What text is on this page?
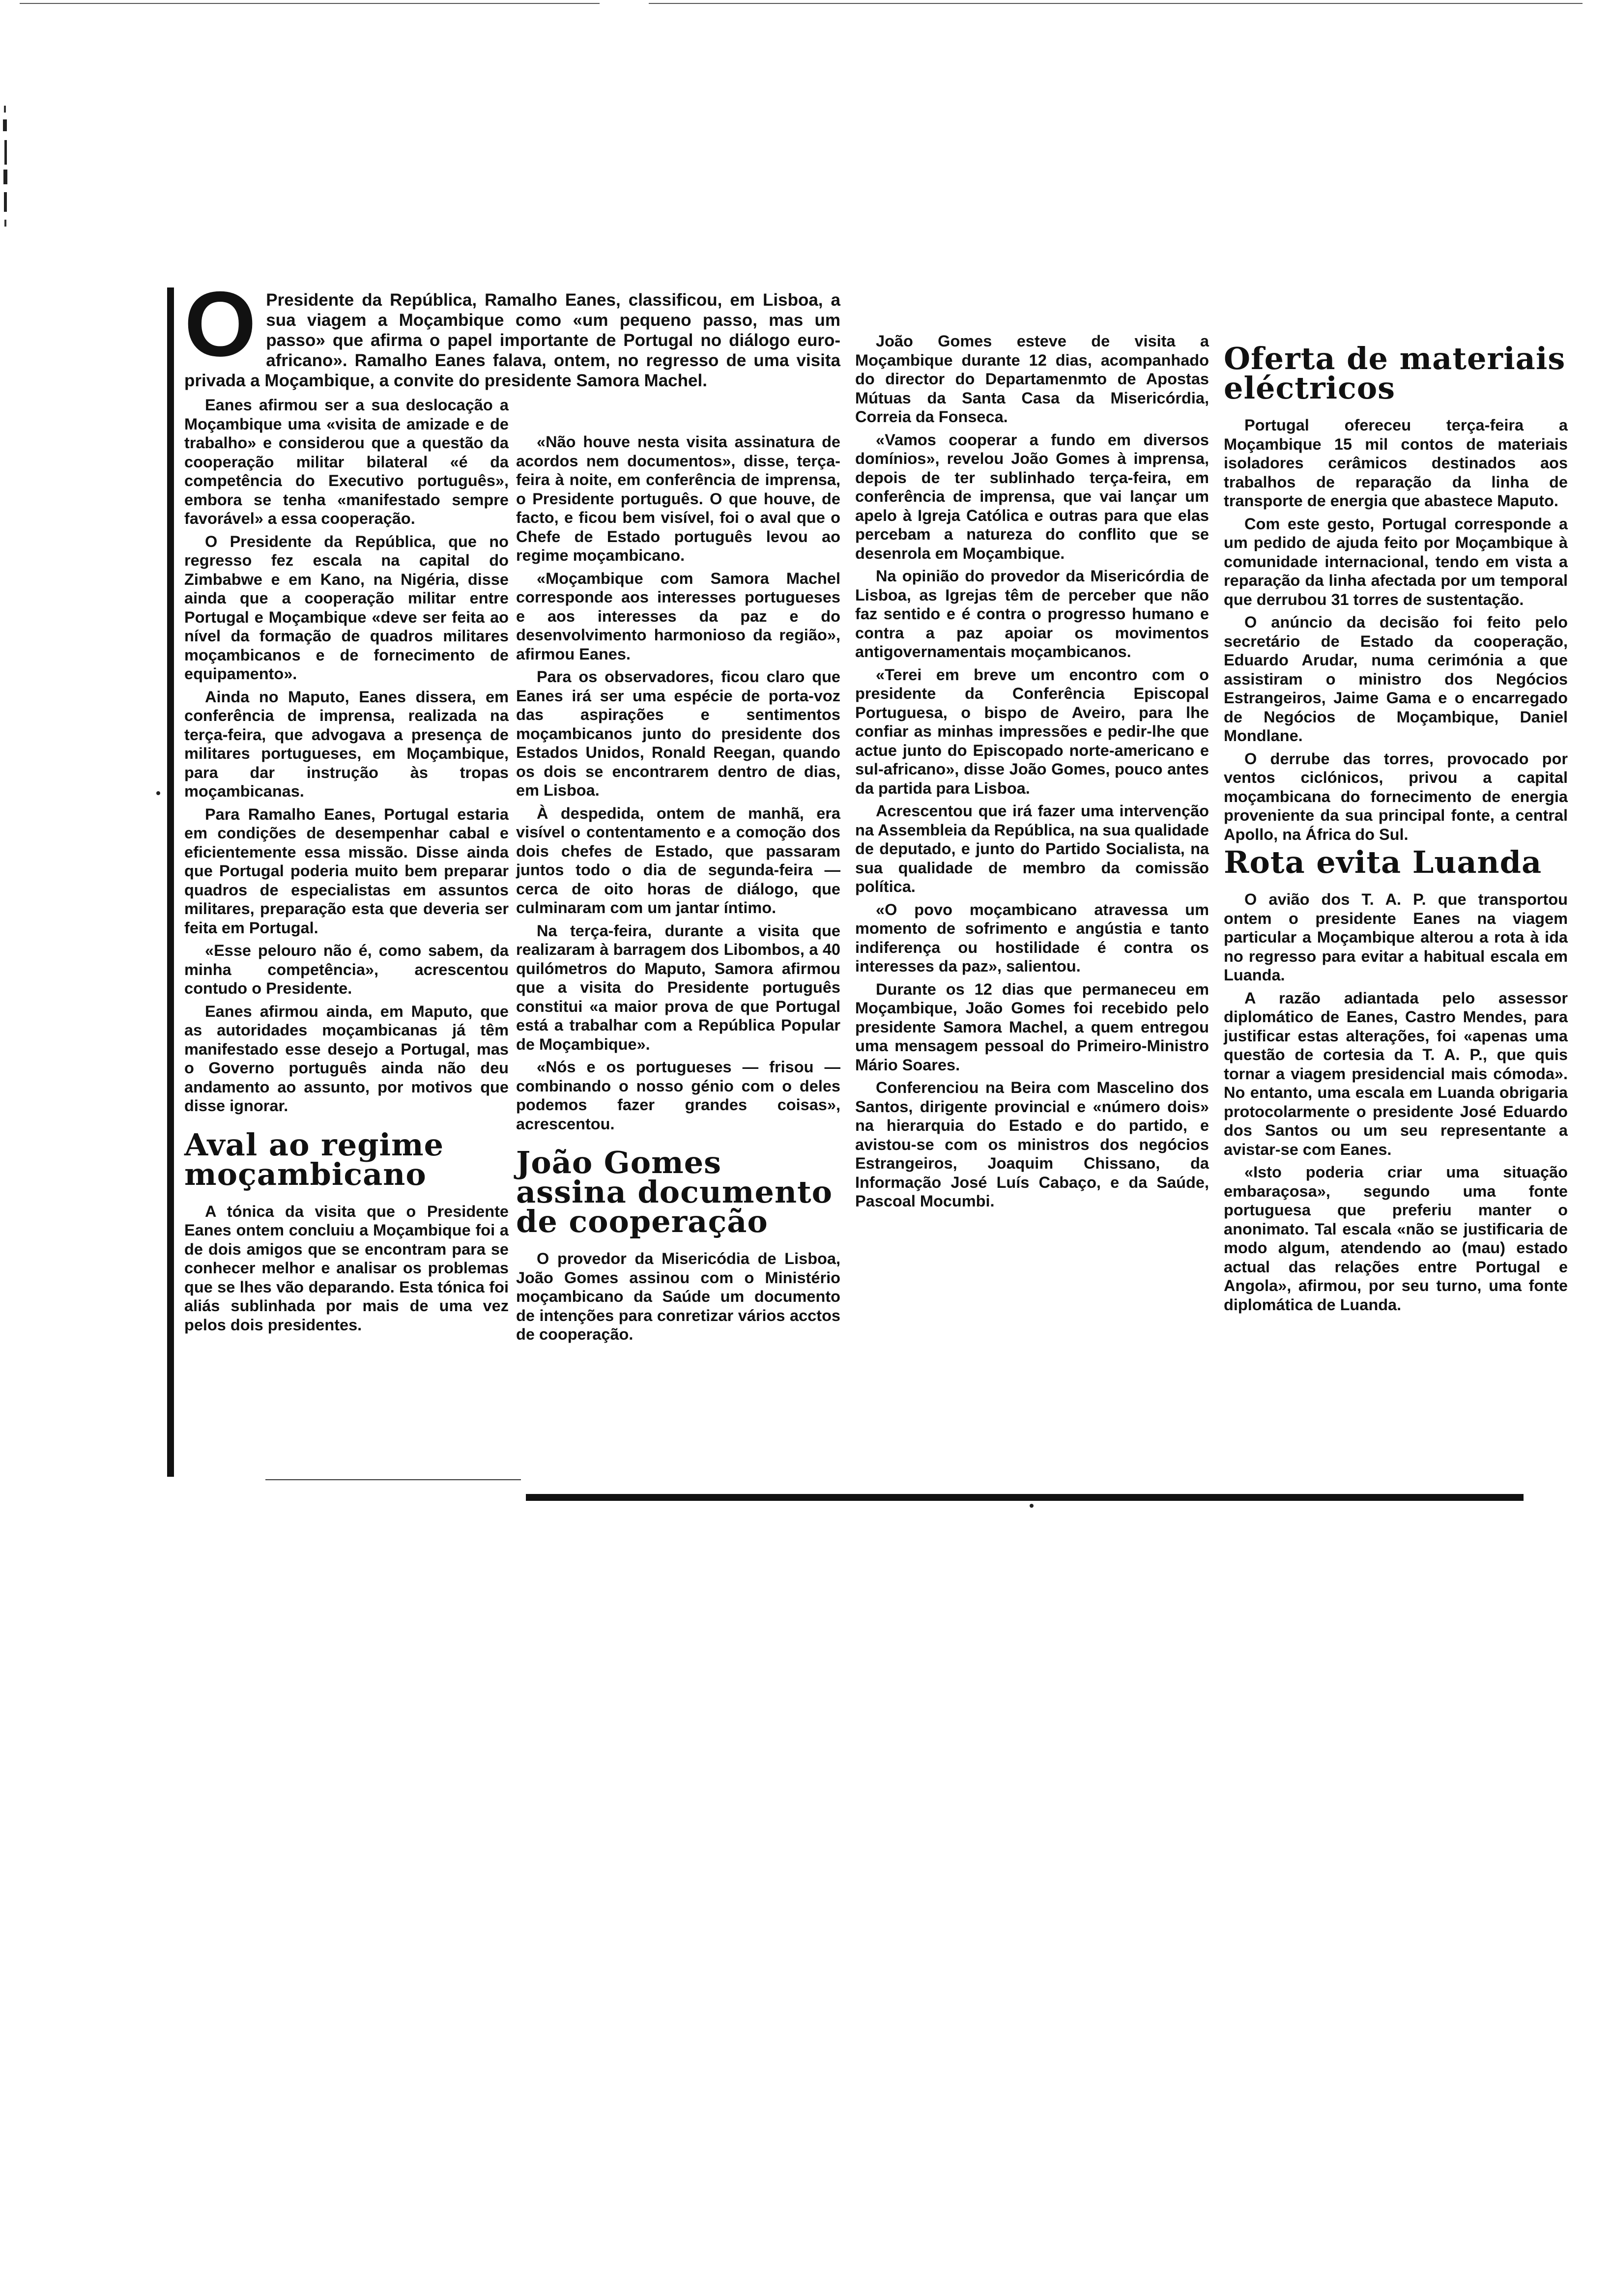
O Presidente da República, Ramalho Eanes, classificou, em Lisboa, a sua viagem a Moçambique como «um pequeno passo, mas um passo» que afirma o papel importante de Portugal no diálogo euro-africano». Ramalho Eanes falava, ontem, no regresso de uma visita privada a Moçambique, a convite do presidente Samora Machel.

Eanes afirmou ser a sua deslocação a Moçambique uma «visita de amizade e de trabalho» e considerou que a questão da cooperação militar bilateral «é da competência do Executivo português», embora se tenha «manifestado sempre favorável» a essa cooperação.

O Presidente da República, que no regresso fez escala na capital do Zimbabwe e em Kano, na Nigéria, disse ainda que a cooperação militar entre Portugal e Moçambique «deve ser feita ao nível da formação de quadros militares moçambicanos e de fornecimento de equipamento».

Ainda no Maputo, Eanes dissera, em conferência de imprensa, realizada na terça-feira, que advogava a presença de militares portugueses, em Moçambique, para dar instrução às tropas moçambicanas.

Para Ramalho Eanes, Portugal estaria em condições de desempenhar cabal e eficientemente essa missão. Disse ainda que Portugal poderia muito bem preparar quadros de especialistas em assuntos militares, preparação esta que deveria ser feita em Portugal.

«Esse pelouro não é, como sabem, da minha competência», acrescentou contudo o Presidente.

Eanes afirmou ainda, em Maputo, que as autoridades moçambicanas já têm manifestado esse desejo a Portugal, mas o Governo português ainda não deu andamento ao assunto, por motivos que disse ignorar.

Aval ao regime moçambicano

A tónica da visita que o Presidente Eanes ontem concluiu a Moçambique foi a de dois amigos que se encontram para se conhecer melhor e analisar os problemas que se lhes vão deparando. Esta tónica foi aliás sublinhada por mais de uma vez pelos dois presidentes.

«Não houve nesta visita assinatura de acordos nem documentos», disse, terça-feira à noite, em conferência de imprensa, o Presidente português. O que houve, de facto, e ficou bem visível, foi o aval que o Chefe de Estado português levou ao regime moçambicano.

«Moçambique com Samora Machel corresponde aos interesses portugueses e aos interesses da paz e do desenvolvimento harmonioso da região», afirmou Eanes.

Para os observadores, ficou claro que Eanes irá ser uma espécie de porta-voz das aspirações e sentimentos moçambicanos junto do presidente dos Estados Unidos, Ronald Reegan, quando os dois se encontrarem dentro de dias, em Lisboa.

À despedida, ontem de manhã, era visível o contentamento e a comoção dos dois chefes de Estado, que passaram juntos todo o dia de segunda-feira — cerca de oito horas de diálogo, que culminaram com um jantar íntimo.

Na terça-feira, durante a visita que realizaram à barragem dos Libombos, a 40 quilómetros do Maputo, Samora afirmou que a visita do Presidente português constitui «a maior prova de que Portugal está a trabalhar com a República Popular de Moçambique».

«Nós e os portugueses — frisou — combinando o nosso génio com o deles podemos fazer grandes coisas», acrescentou.

João Gomes assina documento de cooperação

O provedor da Misericódia de Lisboa, João Gomes assinou com o Ministério moçambicano da Saúde um documento de intenções para conretizar vários acctos de cooperação.

João Gomes esteve de visita a Moçambique durante 12 dias, acompanhado do director do Departamenmto de Apostas Mútuas da Santa Casa da Misericórdia, Correia da Fonseca.

«Vamos cooperar a fundo em diversos domínios», revelou João Gomes à imprensa, depois de ter sublinhado terça-feira, em conferência de imprensa, que vai lançar um apelo à Igreja Católica e outras para que elas percebam a natureza do conflito que se desenrola em Moçambique.

Na opinião do provedor da Misericórdia de Lisboa, as Igrejas têm de perceber que não faz sentido e é contra o progresso humano e contra a paz apoiar os movimentos antigovernamentais moçambicanos.

«Terei em breve um encontro com o presidente da Conferência Episcopal Portuguesa, o bispo de Aveiro, para lhe confiar as minhas impressões e pedir-lhe que actue junto do Episcopado norte-americano e sul-africano», disse João Gomes, pouco antes da partida para Lisboa.

Acrescentou que irá fazer uma intervenção na Assembleia da República, na sua qualidade de deputado, e junto do Partido Socialista, na sua qualidade de membro da comissão política.

«O povo moçambicano atravessa um momento de sofrimento e angústia e tanto indiferença ou hostilidade é contra os interesses da paz», salientou.

Durante os 12 dias que permaneceu em Moçambique, João Gomes foi recebido pelo presidente Samora Machel, a quem entregou uma mensagem pessoal do Primeiro-Ministro Mário Soares.

Conferenciou na Beira com Mascelino dos Santos, dirigente provincial e «número dois» na hierarquia do Estado e do partido, e avistou-se com os ministros dos negócios Estrangeiros, Joaquim Chissano, da Informação José Luís Cabaço, e da Saúde, Pascoal Mocumbi.

Oferta de materiais eléctricos

Portugal ofereceu terça-feira a Moçambique 15 mil contos de materiais isoladores cerâmicos destinados aos trabalhos de reparação da linha de transporte de energia que abastece Maputo.

Com este gesto, Portugal corresponde a um pedido de ajuda feito por Moçambique à comunidade internacional, tendo em vista a reparação da linha afectada por um temporal que derrubou 31 torres de sustentação.

O anúncio da decisão foi feito pelo secretário de Estado da cooperação, Eduardo Arudar, numa cerimónia a que assistiram o ministro dos Negócios Estrangeiros, Jaime Gama e o encarregado de Negócios de Moçambique, Daniel Mondlane.

O derrube das torres, provocado por ventos ciclónicos, privou a capital moçambicana do fornecimento de energia proveniente da sua principal fonte, a central Apollo, na África do Sul.

Rota evita Luanda

O avião dos T. A. P. que transportou ontem o presidente Eanes na viagem particular a Moçambique alterou a rota à ida no regresso para evitar a habitual escala em Luanda.

A razão adiantada pelo assessor diplomático de Eanes, Castro Mendes, para justificar estas alterações, foi «apenas uma questão de cortesia da T. A. P., que quis tornar a viagem presidencial mais cómoda». No entanto, uma escala em Luanda obrigaria protocolarmente o presidente José Eduardo dos Santos ou um seu representante a avistar-se com Eanes.

«Isto poderia criar uma situação embaraçosa», segundo uma fonte portuguesa que preferiu manter o anonimato. Tal escala «não se justificaria de modo algum, atendendo ao (mau) estado actual das relações entre Portugal e Angola», afirmou, por seu turno, uma fonte diplomática de Luanda.
